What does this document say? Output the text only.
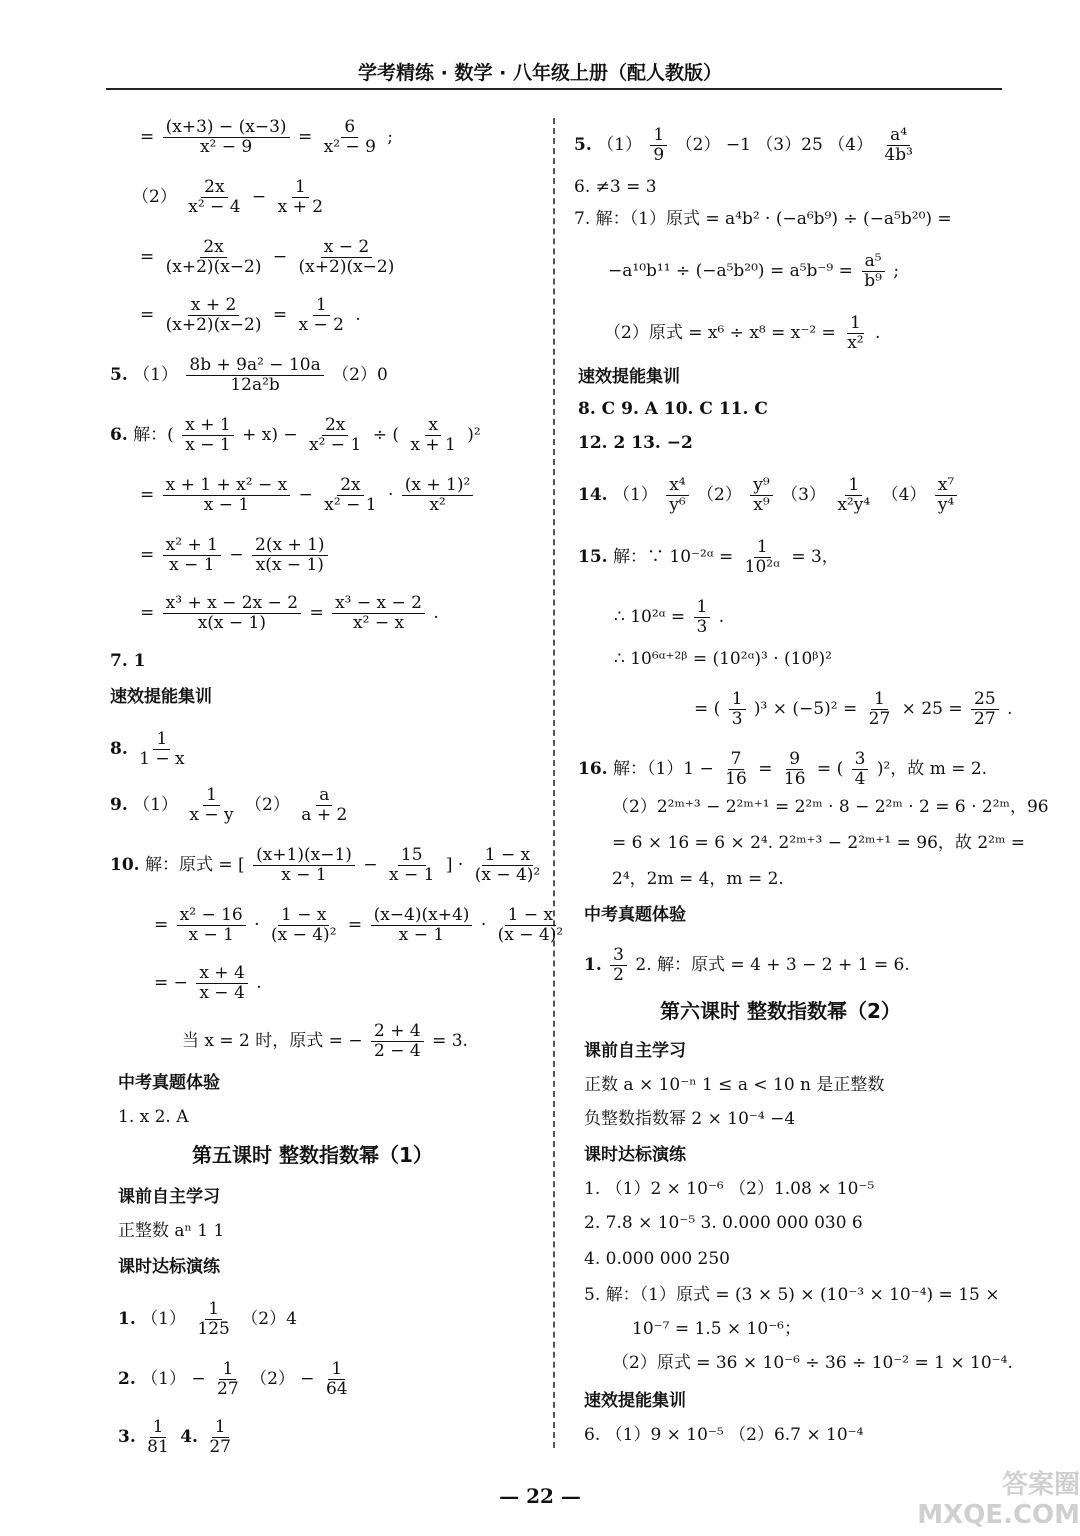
学考精练 · 数学 · 八年级上册（配人教版）
= $\frac{(x+3) - (x-3)}{\text{x² − 9}} = \frac{6}{\text{x² − 9}}$ ;
$(2) \frac{2x}{\text{x² − 4}} - \frac{1}{x + 2}$
= $\frac{2x}{(x+2)(x-2)} - \frac{x - 2}{(x+2)(x-2)}$
= $\frac{x + 2}{(x+2)(x-2)} = \frac{1}{x - 2}$ .
5. $(1) \frac{\text{8b + 9a² − 10a}}{\text{12a²b}} (2)0$
6. 解：( $\frac{x + 1}{x - 1} + x) - \frac{2x}{\text{x² − 1}}$ ÷ ( $\frac{x}{x + 1} )^2$
= $\frac{\text{x + 1 + x² − x}}{x - 1} - \frac{2x}{\text{x² − 1}} \cdot \frac{\text{(x + 1)²}}{\text{x²}}$
= $\frac{\text{x² + 1}}{x - 1} - \frac{2(x + 1)}{x(x - 1)}$
= $\frac{\text{x³ + x − 2x − 2}}{x(x - 1)} = \frac{\text{x³ − x − 2}}{\text{x² − x}}$ .
7. 1
速效提能集训
8. $\frac{1}{1 - x}$
9. $(1) \frac{1}{x - y} (2) \frac{a}{a + 2}$
10. 解：原式 = [ $\frac{(x+1)(x-1)}{x - 1} - \frac{15}{x - 1}$ ] · $\frac{1 - x}{\text{(x − 4)²}}$
= $\frac{\text{x² − 16}}{x - 1} \cdot \frac{1 - x}{\text{(x − 4)²}} = \frac{(x-4)(x+4)}{x - 1} \cdot \frac{1 - x}{\text{(x − 4)²}}$
= − $\frac{x + 4}{x - 4}$ .
当 x = 2 时，原式 = − $\frac{2 + 4}{2 - 4} = 3$.
中考真题体验
1. x 2. A
第五课时 整数指数幂（1）
课前自主学习
正整数 aⁿ 1 1
课时达标演练
1. $(1) \frac{1}{125} (2)4$
2. $(1) - \frac{1}{27} (2) - \frac{1}{64}$
3. $\frac{1}{81} 4$. $\frac{1}{27}$
5. $(1) \frac{1}{9} (2) -1$ （3）25 $(4) \frac{\text{a⁴}}{\text{4b³}}$
6. ≠3 = 3
7. 解：（1）原式 = a⁴b² · (−a⁶b⁹) ÷ (−a⁵b²⁰) =
$-a^{10}b^{11} \div (-a^5b^{20}) = a^5b^{-9} = \frac{\text{a⁵}}{\text{b⁹}}$ ;
（2）原式 = $x^6 \div x^8 = x^{-2} = \frac{1}{\text{x²}}$ .
速效提能集训
8. C 9. A 10. C 11. C
12. 2 13. −2
14. $(1) \frac{\text{x⁴}}{\text{y⁶}} (2) \frac{\text{y⁹}}{\text{x⁹}} (3) \frac{1}{\text{x²y⁴}} (4) \frac{\text{x⁷}}{\text{y⁴}}$
15. 解：∵ 10⁻²ᵅ = $\frac{1}{\text{10²ᵅ}} = 3$，
∴ 10²ᵅ = $\frac{1}{3}$ .
∴ 10⁶ᵅ⁺²ᵝ = (10²ᵅ)³ · (10ᵝ)²
= ( $\frac{1}{3} )^3 \times (-5)^2 = \frac{1}{27} \times 25 = \frac{25}{27}$ .
16. 解：$(1)1 - \frac{7}{16} = \frac{9}{16}$ = ( $\frac{3}{4} )^2$，故 m = 2.
（2）2²ᵐ⁺³ − 2²ᵐ⁺¹ = 2²ᵐ · 8 − 2²ᵐ · 2 = 6 · 2²ᵐ，96
= 6 × 16 = 6 × 2⁴. 2²ᵐ⁺³ − 2²ᵐ⁺¹ = 96，故 2²ᵐ =
2⁴，2m = 4，m = 2.
中考真题体验
1. $\frac{3}{2} 2$. 解：原式 = 4 + 3 − 2 + 1 = 6.
第六课时 整数指数幂（2）
课前自主学习
正数 a × 10⁻ⁿ 1 ≤ a < 10 n 是正整数
负整数指数幂 2 × 10⁻⁴ −4
课时达标演练
1. （1）2 × 10⁻⁶ （2）1.08 × 10⁻⁵
2. 7.8 × 10⁻⁵ 3. 0.000 000 030 6
4. 0.000 000 250
5. 解：（1）原式 = (3 × 5) × (10⁻³ × 10⁻⁴) = 15 ×
10⁻⁷ = 1.5 × 10⁻⁶；
（2）原式 = 36 × 10⁻⁶ ÷ 36 ÷ 10⁻² = 1 × 10⁻⁴.
速效提能集训
6. （1）9 × 10⁻⁵ （2）6.7 × 10⁻⁴
— 22 —	答案圈
MXQE.COM
